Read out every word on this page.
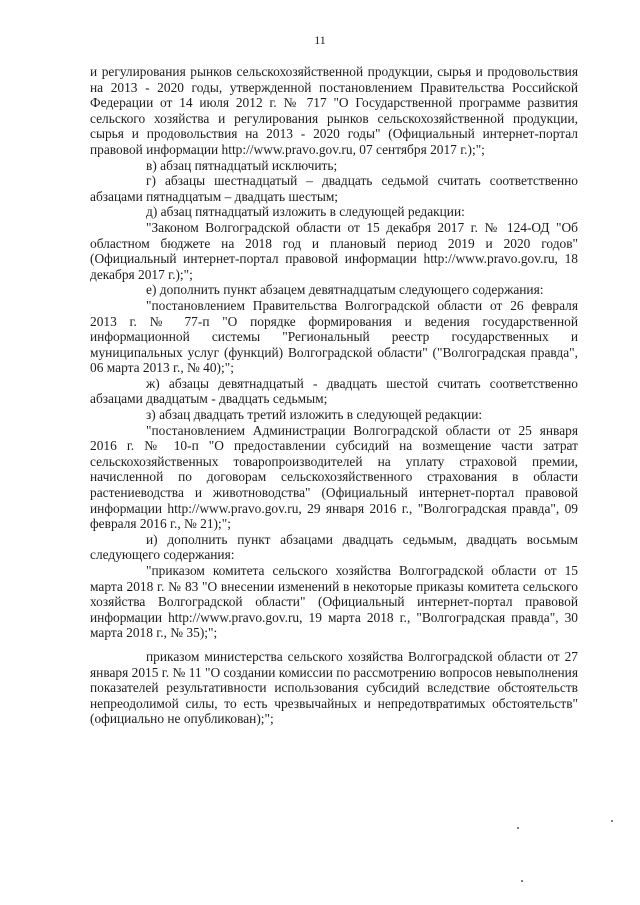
11

и регулирования рынков сельскохозяйственной продукции, сырья и продовольствия на 2013 - 2020 годы, утвержденной постановлением Правительства Российской Федерации от 14 июля 2012 г. № 717 "О Государственной программе развития сельского хозяйства и регулирования рынков сельскохозяйственной продукции, сырья и продовольствия на 2013 - 2020 годы" (Официальный интернет-портал правовой информации http://www.pravo.gov.ru, 07 сентября 2017 г.);";

в) абзац пятнадцатый исключить;

г) абзацы шестнадцатый – двадцать седьмой считать соответственно абзацами пятнадцатым – двадцать шестым;

д) абзац пятнадцатый изложить в следующей редакции:

"Законом Волгоградской области от 15 декабря 2017 г. № 124-ОД "Об областном бюджете на 2018 год и плановый период 2019 и 2020 годов" (Официальный интернет-портал правовой информации http://www.pravo.gov.ru, 18 декабря 2017 г.);";

е) дополнить пункт абзацем девятнадцатым следующего содержания:

"постановлением Правительства Волгоградской области от 26 февраля 2013 г. № 77-п "О порядке формирования и ведения государственной информационной системы "Региональный реестр государственных и муниципальных услуг (функций) Волгоградской области" ("Волгоградская правда", 06 марта 2013 г., № 40);";

ж) абзацы девятнадцатый - двадцать шестой считать соответственно абзацами двадцатым - двадцать седьмым;

з) абзац двадцать третий изложить в следующей редакции:

"постановлением Администрации Волгоградской области от 25 января 2016 г. № 10-п "О предоставлении субсидий на возмещение части затрат сельскохозяйственных товаропроизводителей на уплату страховой премии, начисленной по договорам сельскохозяйственного страхования в области растениеводства и животноводства" (Официальный интернет-портал правовой информации http://www.pravo.gov.ru, 29 января 2016 г., "Волгоградская правда", 09 февраля 2016 г., № 21);";

и) дополнить пункт абзацами двадцать седьмым, двадцать восьмым следующего содержания:

"приказом комитета сельского хозяйства Волгоградской области от 15 марта 2018 г. № 83 "О внесении изменений в некоторые приказы комитета сельского хозяйства Волгоградской области" (Официальный интернет-портал правовой информации http://www.pravo.gov.ru, 19 марта 2018 г., "Волгоградская правда", 30 марта 2018 г., № 35);";

приказом министерства сельского хозяйства Волгоградской области от 27 января 2015 г. № 11 "О создании комиссии по рассмотрению вопросов невыполнения показателей результативности использования субсидий вследствие обстоятельств непреодолимой силы, то есть чрезвычайных и непредотвратимых обстоятельств" (официально не опубликован);";
